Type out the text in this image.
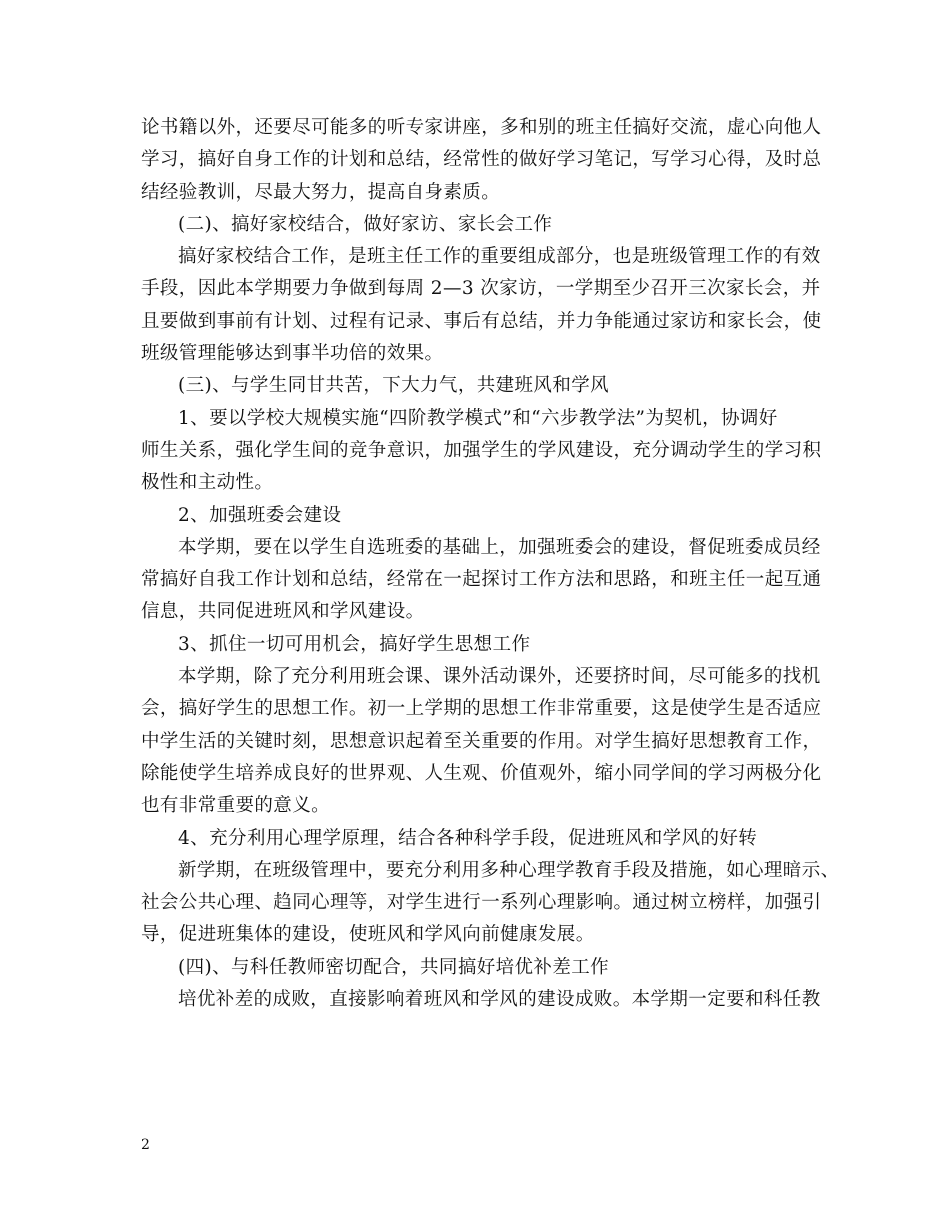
论书籍以外，还要尽可能多的听专家讲座，多和别的班主任搞好交流，虚心向他人
学习，搞好自身工作的计划和总结，经常性的做好学习笔记，写学习心得，及时总
结经验教训，尽最大努力，提高自身素质。
(二)、搞好家校结合，做好家访、家长会工作
搞好家校结合工作，是班主任工作的重要组成部分，也是班级管理工作的有效
手段，因此本学期要力争做到每周 2—3 次家访，一学期至少召开三次家长会，并
且要做到事前有计划、过程有记录、事后有总结，并力争能通过家访和家长会，使
班级管理能够达到事半功倍的效果。
(三)、与学生同甘共苦，下大力气，共建班风和学风
1、要以学校大规模实施“四阶教学模式”和“六步教学法”为契机，协调好
师生关系，强化学生间的竞争意识，加强学生的学风建设，充分调动学生的学习积
极性和主动性。
2、加强班委会建设
本学期，要在以学生自选班委的基础上，加强班委会的建设，督促班委成员经
常搞好自我工作计划和总结，经常在一起探讨工作方法和思路，和班主任一起互通
信息，共同促进班风和学风建设。
3、抓住一切可用机会，搞好学生思想工作
本学期，除了充分利用班会课、课外活动课外，还要挤时间，尽可能多的找机
会，搞好学生的思想工作。初一上学期的思想工作非常重要，这是使学生是否适应
中学生活的关键时刻，思想意识起着至关重要的作用。对学生搞好思想教育工作，
除能使学生培养成良好的世界观、人生观、价值观外，缩小同学间的学习两极分化
也有非常重要的意义。
4、充分利用心理学原理，结合各种科学手段，促进班风和学风的好转
新学期，在班级管理中，要充分利用多种心理学教育手段及措施，如心理暗示、
社会公共心理、趋同心理等，对学生进行一系列心理影响。通过树立榜样，加强引
导，促进班集体的建设，使班风和学风向前健康发展。
(四)、与科任教师密切配合，共同搞好培优补差工作
培优补差的成败，直接影响着班风和学风的建设成败。本学期一定要和科任教
2
